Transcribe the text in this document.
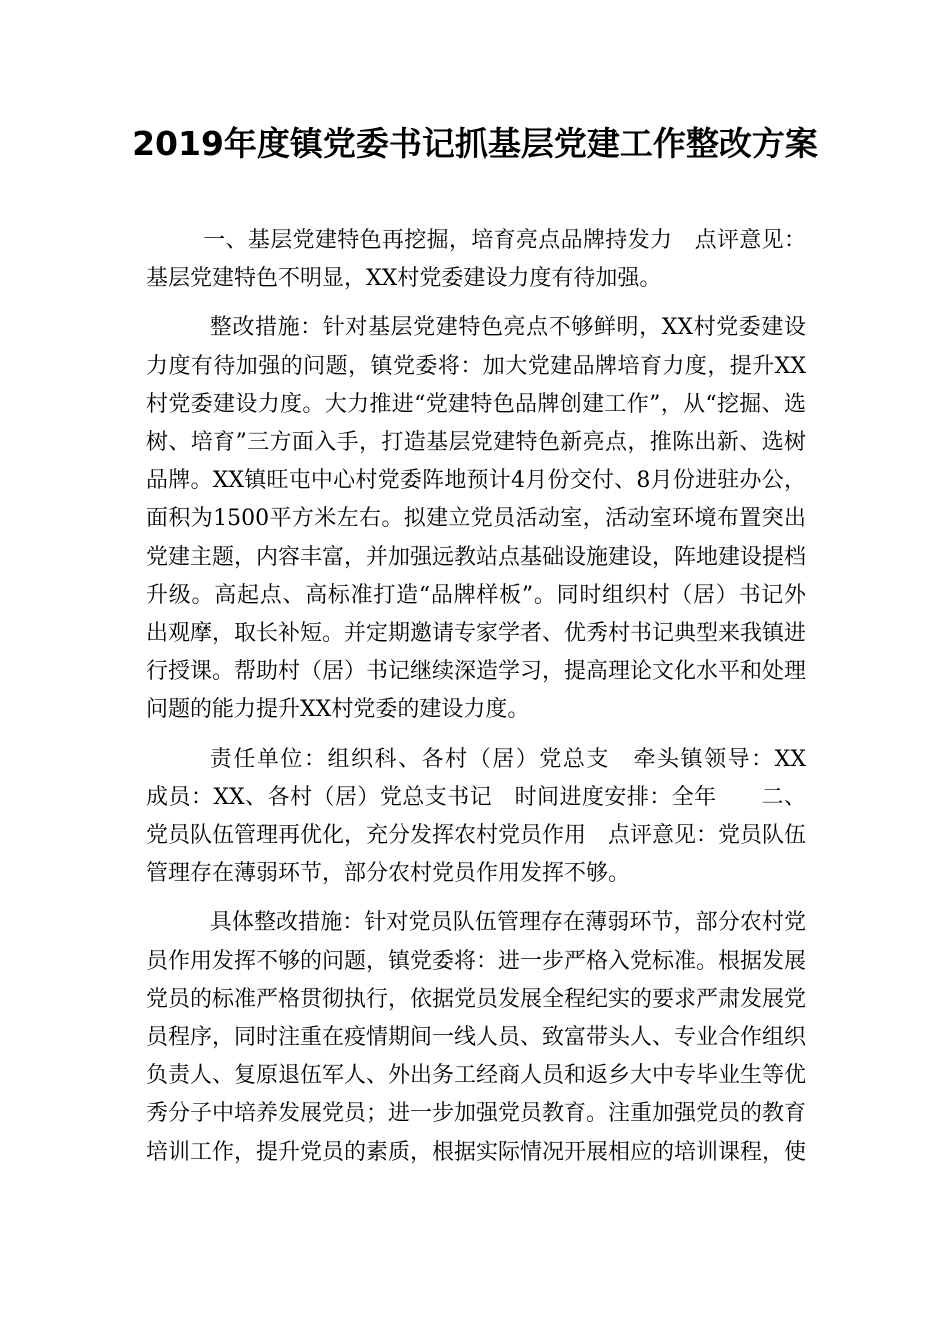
2019年度镇党委书记抓基层党建工作整改方案

一、基层党建特色再挖掘，培育亮点品牌持发力　点评意见：基层党建特色不明显，XX村党委建设力度有待加强。

整改措施：针对基层党建特色亮点不够鲜明，XX村党委建设力度有待加强的问题，镇党委将：加大党建品牌培育力度，提升XX村党委建设力度。大力推进“党建特色品牌创建工作”，从“挖掘、选树、培育”三方面入手，打造基层党建特色新亮点，推陈出新、选树品牌。XX镇旺屯中心村党委阵地预计4月份交付、8月份进驻办公，面积为1500平方米左右。拟建立党员活动室，活动室环境布置突出党建主题，内容丰富，并加强远教站点基础设施建设，阵地建设提档升级。高起点、高标准打造“品牌样板”。同时组织村（居）书记外出观摩，取长补短。并定期邀请专家学者、优秀村书记典型来我镇进行授课。帮助村（居）书记继续深造学习，提高理论文化水平和处理问题的能力提升XX村党委的建设力度。

责任单位：组织科、各村（居）党总支　牵头镇领导：XX　成员：XX、各村（居）党总支书记　时间进度安排：全年　　二、党员队伍管理再优化，充分发挥农村党员作用　点评意见：党员队伍管理存在薄弱环节，部分农村党员作用发挥不够。

具体整改措施：针对党员队伍管理存在薄弱环节，部分农村党员作用发挥不够的问题，镇党委将：进一步严格入党标准。根据发展党员的标准严格贯彻执行，依据党员发展全程纪实的要求严肃发展党员程序，同时注重在疫情期间一线人员、致富带头人、专业合作组织负责人、复原退伍军人、外出务工经商人员和返乡大中专毕业生等优秀分子中培养发展党员；进一步加强党员教育。注重加强党员的教育培训工作，提升党员的素质，根据实际情况开展相应的培训课程，使
